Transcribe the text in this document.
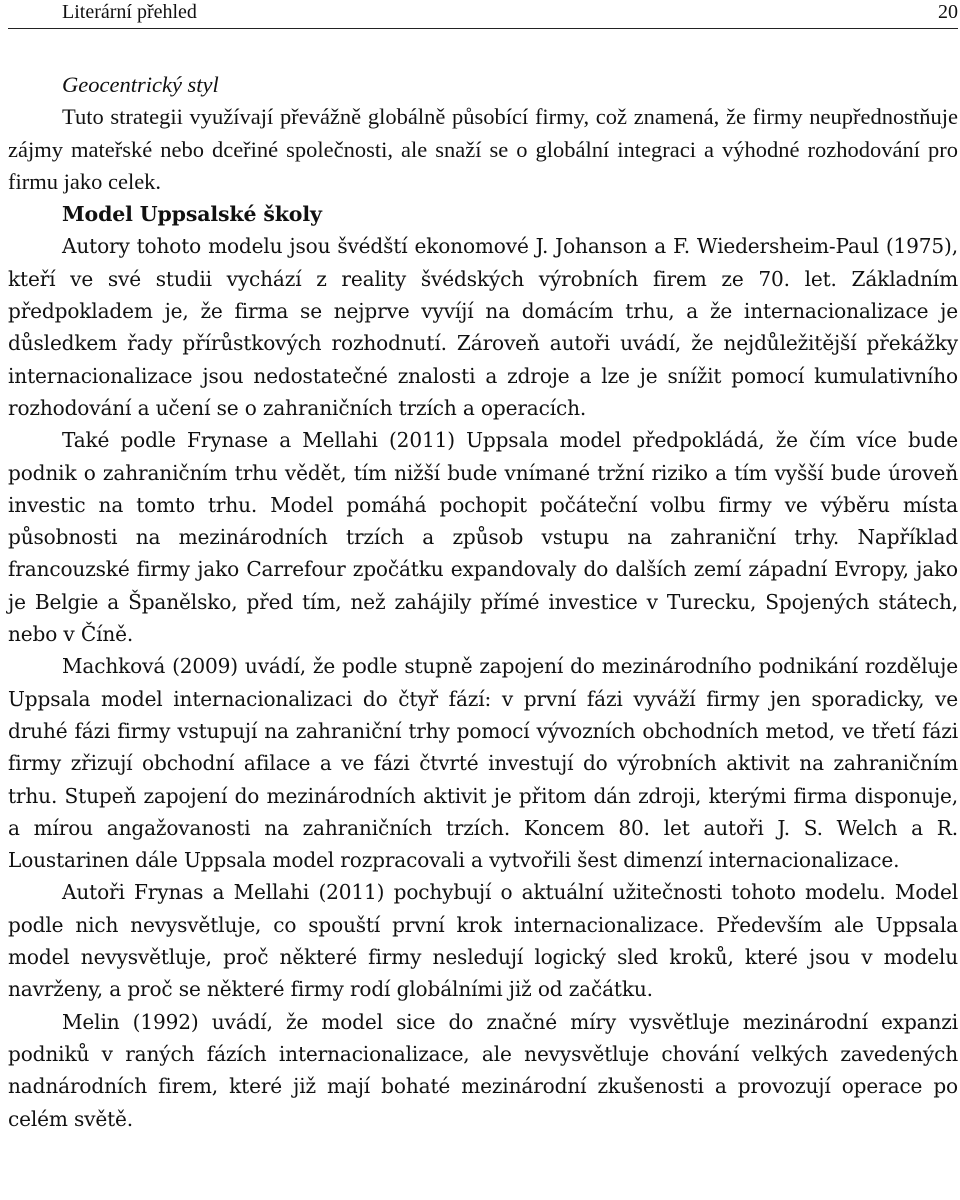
Literární přehled	20
Geocentrický styl

Tuto strategii využívají převážně globálně působící firmy, což znamená, že firmy neupřednostňuje zájmy mateřské nebo dceřiné společnosti, ale snaží se o globální integraci a výhodné rozhodování pro firmu jako celek.

Model Uppsalské školy

Autory tohoto modelu jsou švédští ekonomové J. Johanson a F. Wiedersheim-Paul (1975), kteří ve své studii vychází z reality švédských výrobních firem ze 70. let. Základním předpokladem je, že firma se nejprve vyvíjí na domácím trhu, a že internacionalizace je důsledkem řady přírůstkových rozhodnutí. Zároveň autoři uvádí, že nejdůležitější překážky internacionalizace jsou nedostatečné znalosti a zdroje a lze je snížit pomocí kumulativního rozhodování a učení se o zahraničních trzích a operacích.

Také podle Frynase a Mellahi (2011) Uppsala model předpokládá, že čím více bude podnik o zahraničním trhu vědět, tím nižší bude vnímané tržní riziko a tím vyšší bude úroveň investic na tomto trhu. Model pomáhá pochopit počáteční volbu firmy ve výběru místa působnosti na mezinárodních trzích a způsob vstupu na zahraniční trhy. Například francouzské firmy jako Carrefour zpočátku expandovaly do dalších zemí západní Evropy, jako je Belgie a Španělsko, před tím, než zahájily přímé investice v Turecku, Spojených státech, nebo v Číně.

Machková (2009) uvádí, že podle stupně zapojení do mezinárodního podnikání rozděluje Uppsala model internacionalizaci do čtyř fází: v první fázi vyváží firmy jen sporadicky, ve druhé fázi firmy vstupují na zahraniční trhy pomocí vývozních obchodních metod, ve třetí fázi firmy zřizují obchodní afilace a ve fázi čtvrté investují do výrobních aktivit na zahraničním trhu. Stupeň zapojení do mezinárodních aktivit je přitom dán zdroji, kterými firma disponuje, a mírou angažovanosti na zahraničních trzích. Koncem 80. let autoři J. S. Welch a R. Loustarinen dále Uppsala model rozpracovali a vytvořili šest dimenzí internacionalizace.

Autoři Frynas a Mellahi (2011) pochybují o aktuální užitečnosti tohoto modelu. Model podle nich nevysvětluje, co spouští první krok internacionalizace. Především ale Uppsala model nevysvětluje, proč některé firmy nesledují logický sled kroků, které jsou v modelu navrženy, a proč se některé firmy rodí globálními již od začátku.

Melin (1992) uvádí, že model sice do značné míry vysvětluje mezinárodní expanzi podniků v raných fázích internacionalizace, ale nevysvětluje chování velkých zavedených nadnárodních firem, které již mají bohaté mezinárodní zkušenosti a provozují operace po celém světě.
